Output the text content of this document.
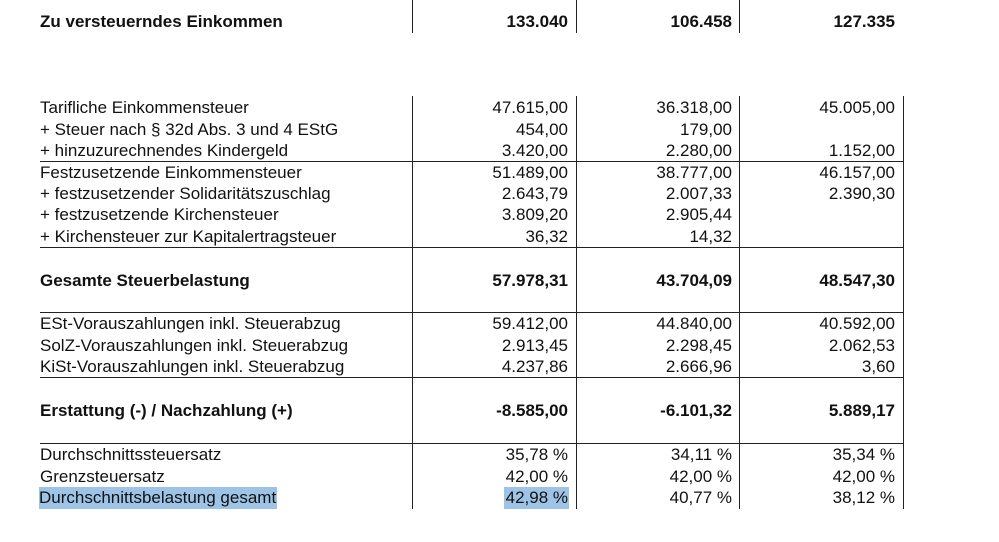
Zu versteuerndes Einkommen	133.040	106.458	127.335
Tarifliche Einkommensteuer	47.615,00	36.318,00	45.005,00
+ Steuer nach § 32d Abs. 3 und 4 EStG	454,00	179,00
+ hinzuzurechnendes Kindergeld	3.420,00	2.280,00	1.152,00
Festzusetzende Einkommensteuer	51.489,00	38.777,00	46.157,00
+ festzusetzender Solidaritätszuschlag	2.643,79	2.007,33	2.390,30
+ festzusetzende Kirchensteuer	3.809,20	2.905,44
+ Kirchensteuer zur Kapitalertragsteuer	36,32	14,32
Gesamte Steuerbelastung	57.978,31	43.704,09	48.547,30
ESt-Vorauszahlungen inkl. Steuerabzug	59.412,00	44.840,00	40.592,00
SolZ-Vorauszahlungen inkl. Steuerabzug	2.913,45	2.298,45	2.062,53
KiSt-Vorauszahlungen inkl. Steuerabzug	4.237,86	2.666,96	3,60
Erstattung (-) / Nachzahlung (+)	-8.585,00	-6.101,32	5.889,17
Durchschnittssteuersatz	35,78 %	34,11 %	35,34 %
Grenzsteuersatz	42,00 %	42,00 %	42,00 %
Durchschnittsbelastung gesamt	42,98 %	40,77 %	38,12 %
